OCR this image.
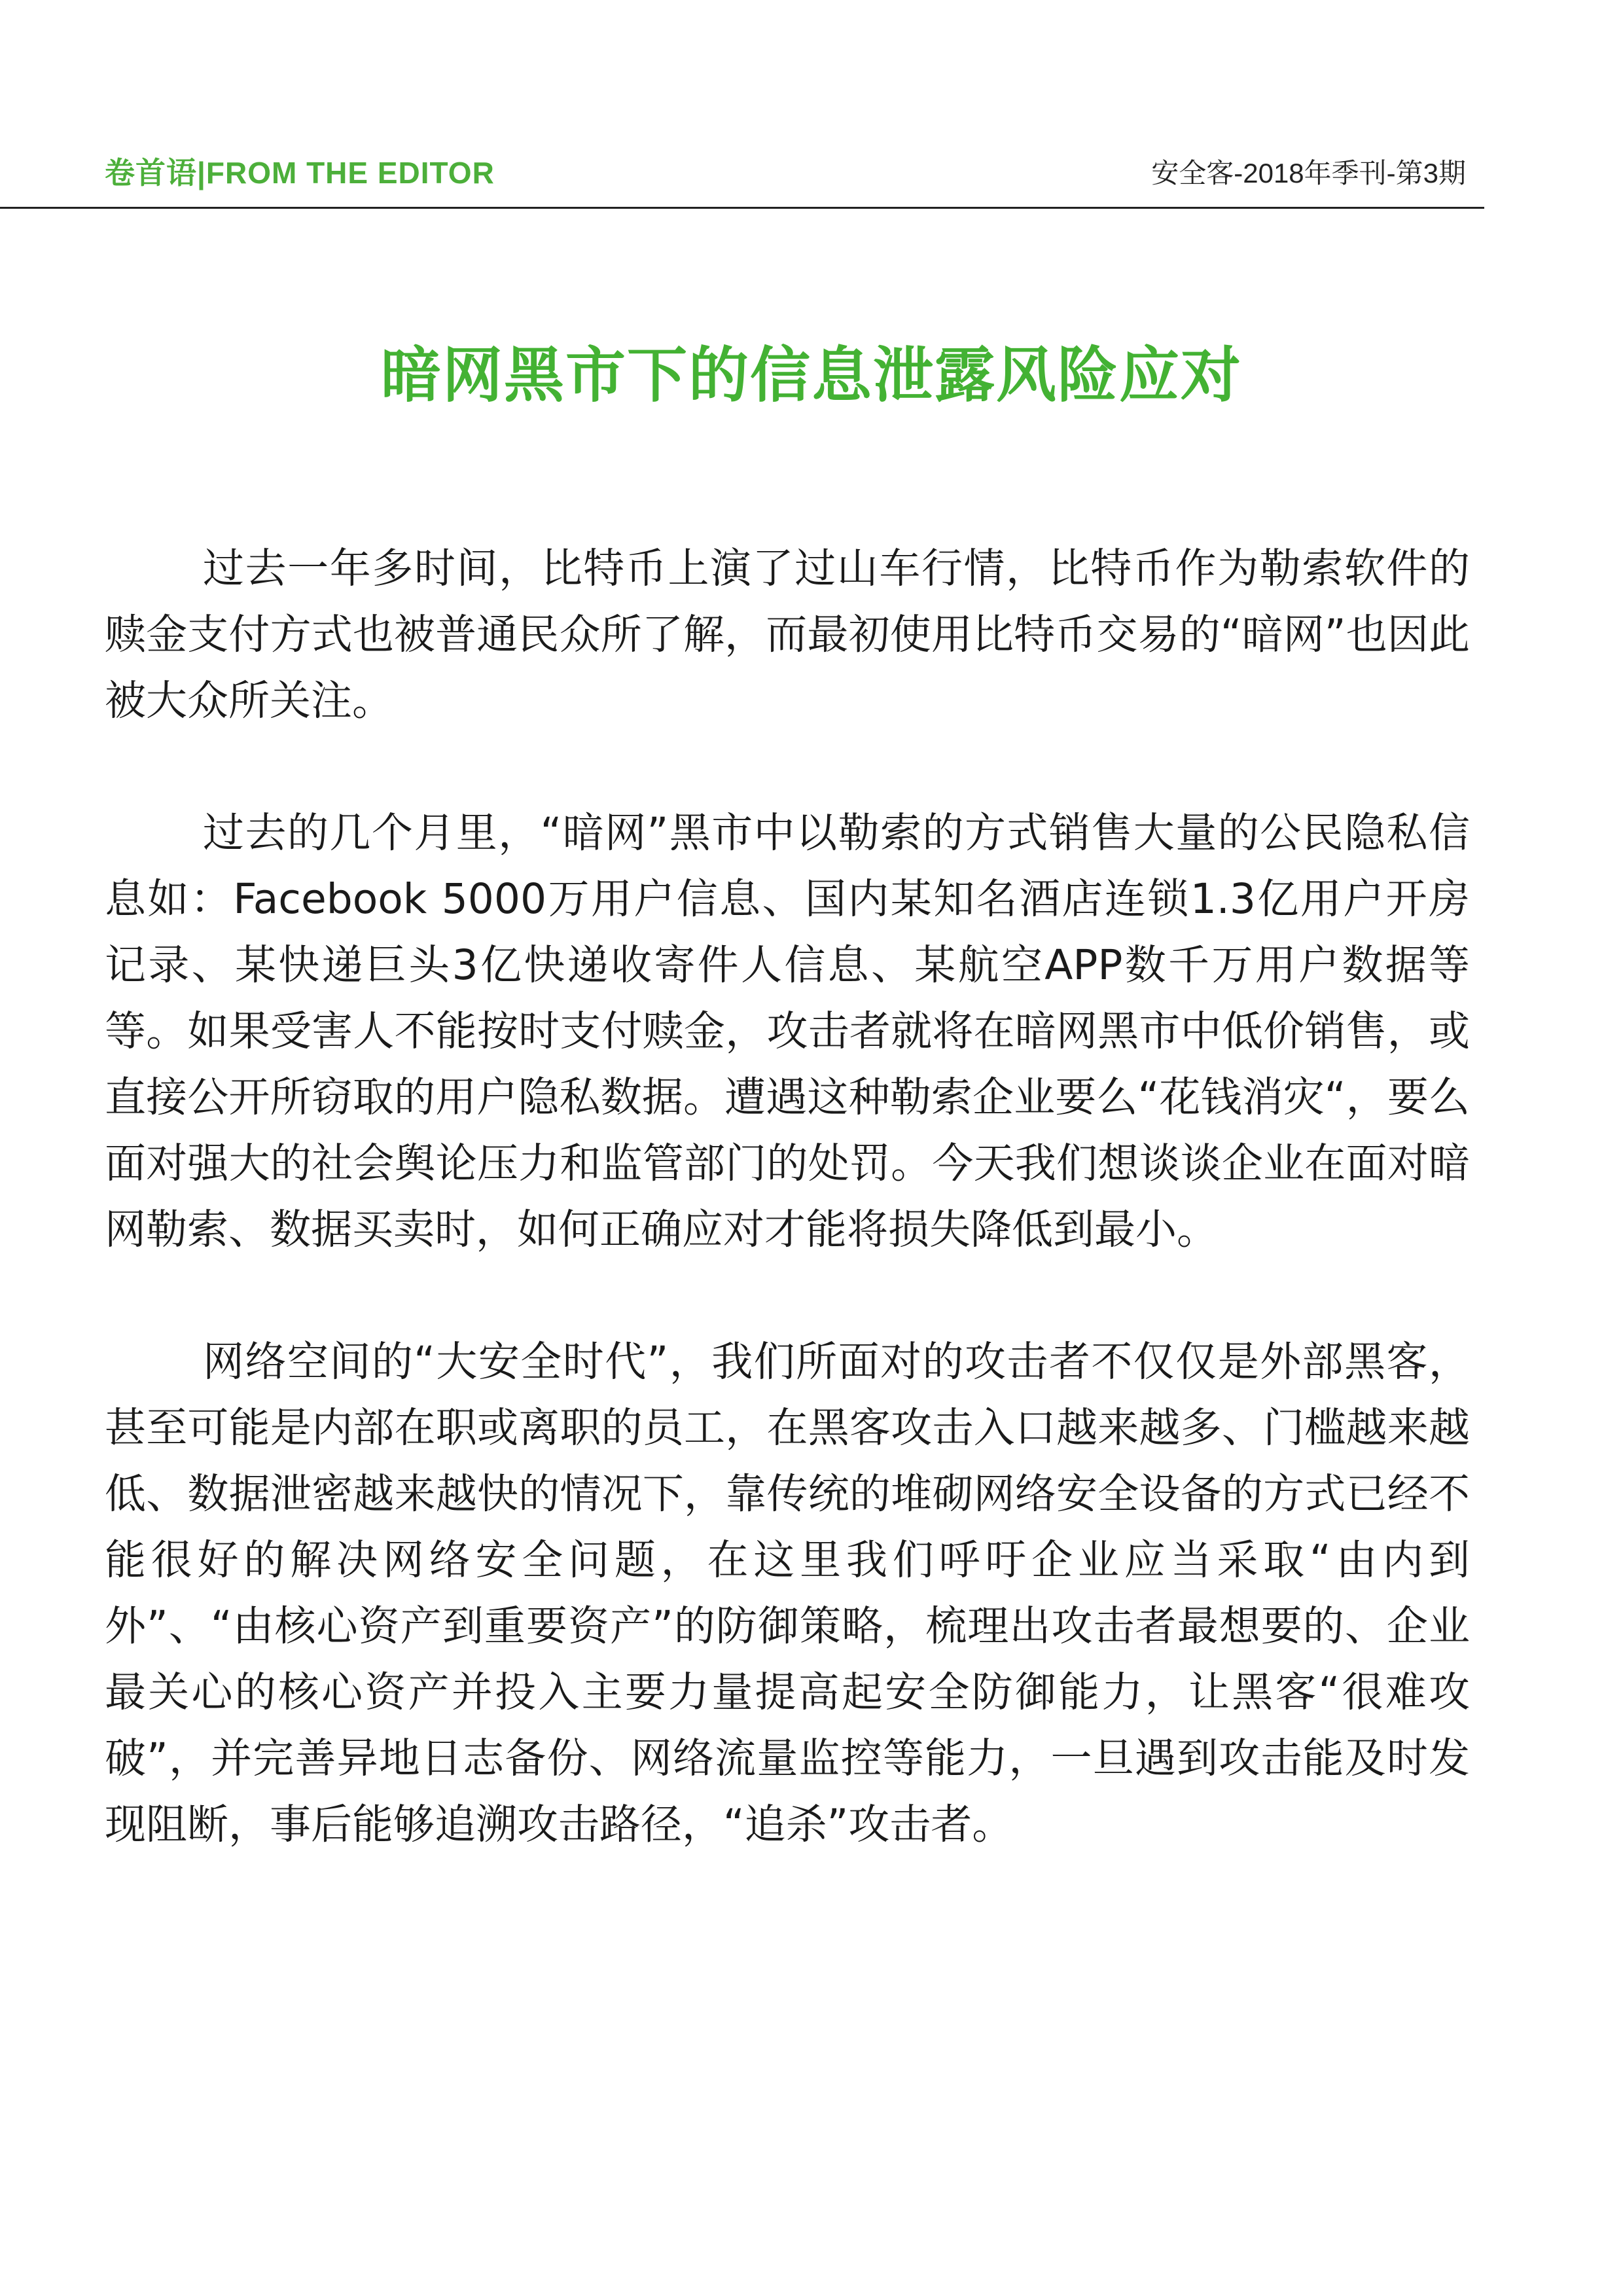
卷首语|FROM THE EDITOR	安全客-2018年季刊-第3期
暗网黑市下的信息泄露风险应对

过去一年多时间，比特币上演了过山车行情，比特币作为勒索软件的赎金支付方式也被普通民众所了解，而最初使用比特币交易的“暗网”也因此被大众所关注。

过去的几个月里，“暗网”黑市中以勒索的方式销售大量的公民隐私信息如：Facebook 5000万用户信息、国内某知名酒店连锁1.3亿用户开房记录、某快递巨头3亿快递收寄件人信息、某航空APP数千万用户数据等等。如果受害人不能按时支付赎金，攻击者就将在暗网黑市中低价销售，或直接公开所窃取的用户隐私数据。遭遇这种勒索企业要么“花钱消灾“，要么面对强大的社会舆论压力和监管部门的处罚。今天我们想谈谈企业在面对暗网勒索、数据买卖时，如何正确应对才能将损失降低到最小。

网络空间的“大安全时代”，我们所面对的攻击者不仅仅是外部黑客，甚至可能是内部在职或离职的员工，在黑客攻击入口越来越多、门槛越来越低、数据泄密越来越快的情况下，靠传统的堆砌网络安全设备的方式已经不能很好的解决网络安全问题，在这里我们呼吁企业应当采取“由内到外”、“由核心资产到重要资产”的防御策略，梳理出攻击者最想要的、企业最关心的核心资产并投入主要力量提高起安全防御能力，让黑客“很难攻破”，并完善异地日志备份、网络流量监控等能力，一旦遇到攻击能及时发现阻断，事后能够追溯攻击路径，“追杀”攻击者。
